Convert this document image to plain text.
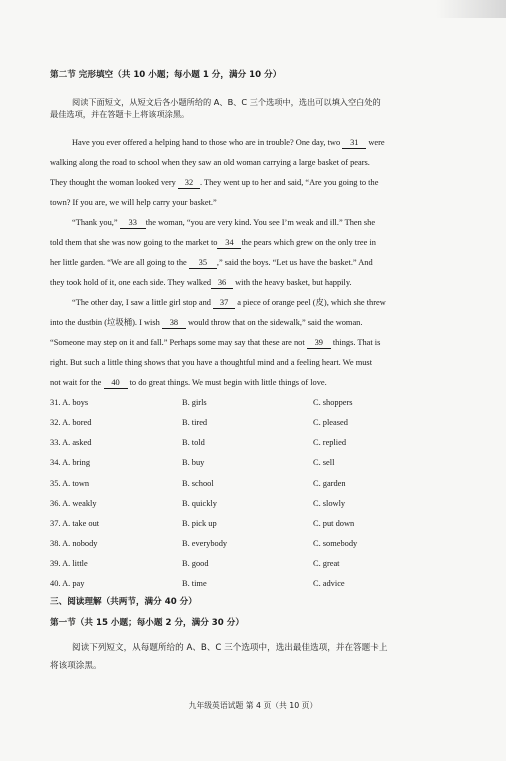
第二节 完形填空（共 10 小题；每小题 1 分，满分 10 分）
阅读下面短文，从短文后各小题所给的 A、B、C 三个选项中，选出可以填入空白处的
最佳选项，并在答题卡上将该项涂黑。
Have you ever offered a helping hand to those who are in trouble? One day, two 31 were
walking along the road to school when they saw an old woman carrying a large basket of pears.
They thought the woman looked very 32 . They went up to her and said, “Are you going to the
town? If you are, we will help carry your basket.”
“Thank you,” 33 the woman, “you are very kind. You see I’m weak and ill.” Then she
told them that she was now going to the market to 34 the pears which grew on the only tree in
her little garden. “We are all going to the 35 ,” said the boys. “Let us have the basket.” And
they took hold of it, one each side. They walked 36 with the heavy basket, but happily.
“The other day, I saw a little girl stop and 37 a piece of orange peel (皮), which she threw
into the dustbin (垃圾桶). I wish 38 would throw that on the sidewalk,” said the woman.
“Someone may step on it and fall.” Perhaps some may say that these are not 39 things. That is
right. But such a little thing shows that you have a thoughtful mind and a feeling heart. We must
not wait for the 40 to do great things. We must begin with little things of love.
31. A. boys	B. girls	C. shoppers
32. A. bored	B. tired	C. pleased
33. A. asked	B. told	C. replied
34. A. bring	B. buy	C. sell
35. A. town	B. school	C. garden
36. A. weakly	B. quickly	C. slowly
37. A. take out	B. pick up	C. put down
38. A. nobody	B. everybody	C. somebody
39. A. little	B. good	C. great
40. A. pay	B. time	C. advice
三、阅读理解（共两节，满分 40 分）
第一节（共 15 小题；每小题 2 分，满分 30 分）
阅读下列短文，从每题所给的 A、B、C 三个选项中，选出最佳选项，并在答题卡上
将该项涂黑。
九年级英语试题 第 4 页（共 10 页）
